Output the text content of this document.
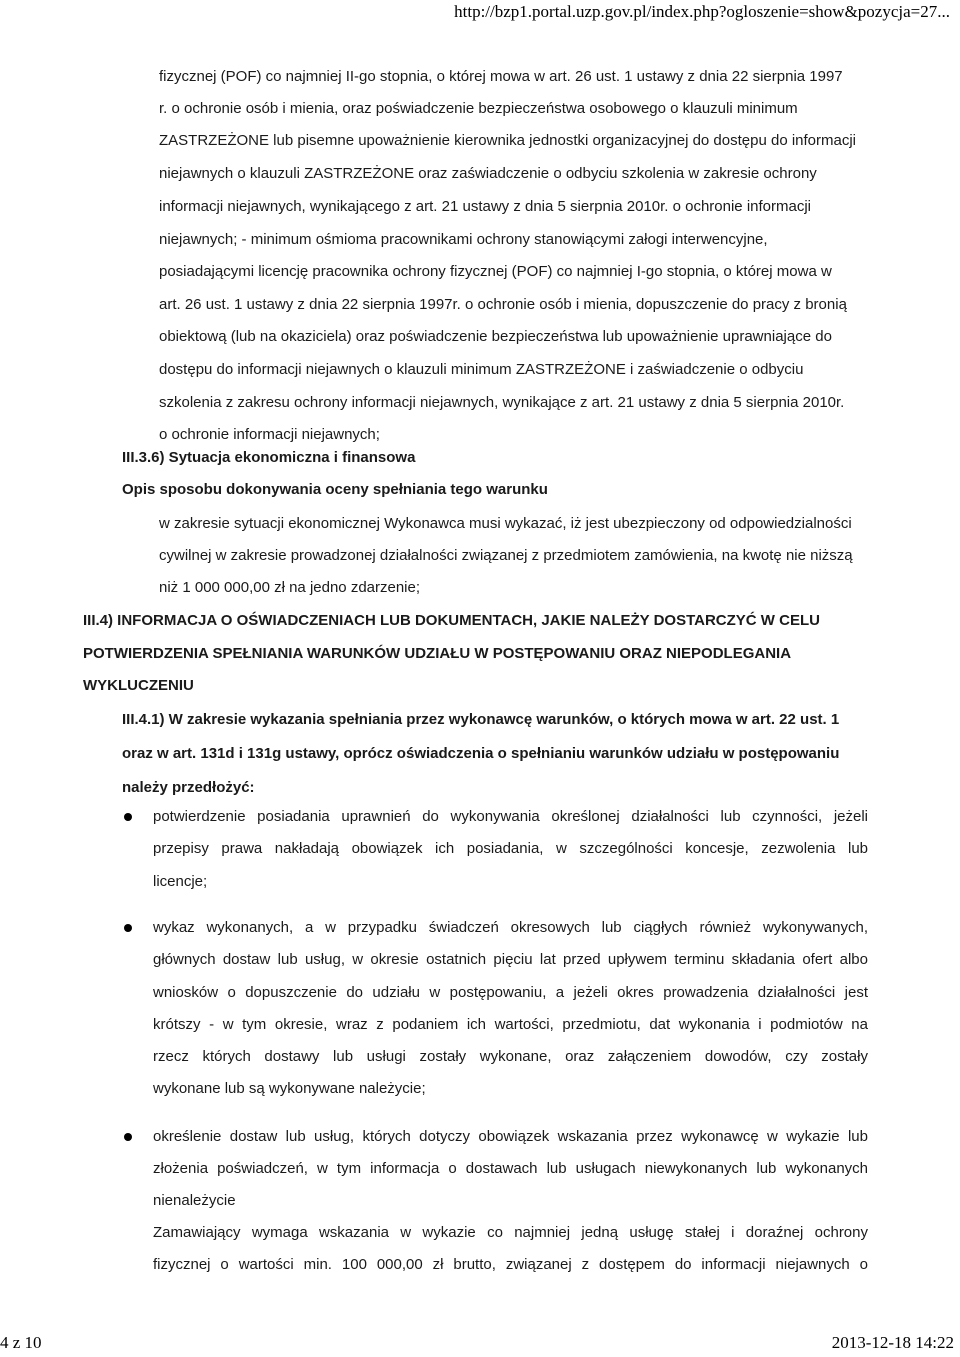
http://bzp1.portal.uzp.gov.pl/index.php?ogloszenie=show&pozycja=27...
fizycznej (POF) co najmniej II-go stopnia, o której mowa w art. 26 ust. 1 ustawy z dnia 22 sierpnia 1997
r. o ochronie osób i mienia, oraz poświadczenie bezpieczeństwa osobowego o klauzuli minimum
ZASTRZEŻONE lub pisemne upoważnienie kierownika jednostki organizacyjnej do dostępu do informacji
niejawnych o klauzuli ZASTRZEŻONE oraz zaświadczenie o odbyciu szkolenia w zakresie ochrony
informacji niejawnych, wynikającego z art. 21 ustawy z dnia 5 sierpnia 2010r. o ochronie informacji
niejawnych; - minimum ośmioma pracownikami ochrony stanowiącymi załogi interwencyjne,
posiadającymi licencję pracownika ochrony fizycznej (POF) co najmniej I-go stopnia, o której mowa w
art. 26 ust. 1 ustawy z dnia 22 sierpnia 1997r. o ochronie osób i mienia, dopuszczenie do pracy z bronią
obiektową (lub na okaziciela) oraz poświadczenie bezpieczeństwa lub upoważnienie uprawniające do
dostępu do informacji niejawnych o klauzuli minimum ZASTRZEŻONE i zaświadczenie o odbyciu
szkolenia z zakresu ochrony informacji niejawnych, wynikające z art. 21 ustawy z dnia 5 sierpnia 2010r.
o ochronie informacji niejawnych;
III.3.6) Sytuacja ekonomiczna i finansowa
Opis sposobu dokonywania oceny spełniania tego warunku
w zakresie sytuacji ekonomicznej Wykonawca musi wykazać, iż jest ubezpieczony od odpowiedzialności
cywilnej w zakresie prowadzonej działalności związanej z przedmiotem zamówienia, na kwotę nie niższą
niż 1 000 000,00 zł na jedno zdarzenie;
III.4) INFORMACJA O OŚWIADCZENIACH LUB DOKUMENTACH, JAKIE NALEŻY DOSTARCZYĆ W CELU
POTWIERDZENIA SPEŁNIANIA WARUNKÓW UDZIAŁU W POSTĘPOWANIU ORAZ NIEPODLEGANIA
WYKLUCZENIU
III.4.1) W zakresie wykazania spełniania przez wykonawcę warunków, o których mowa w art. 22 ust. 1
oraz w art. 131d i 131g ustawy, oprócz oświadczenia o spełnianiu warunków udziału w postępowaniu
należy przedłożyć:
potwierdzenie posiadania uprawnień do wykonywania określonej działalności lub czynności, jeżeli
przepisy prawa nakładają obowiązek ich posiadania, w szczególności koncesje, zezwolenia lub
licencje;
wykaz wykonanych, a w przypadku świadczeń okresowych lub ciągłych również wykonywanych,
głównych dostaw lub usług, w okresie ostatnich pięciu lat przed upływem terminu składania ofert albo
wniosków o dopuszczenie do udziału w postępowaniu, a jeżeli okres prowadzenia działalności jest
krótszy - w tym okresie, wraz z podaniem ich wartości, przedmiotu, dat wykonania i podmiotów na
rzecz których dostawy lub usługi zostały wykonane, oraz załączeniem dowodów, czy zostały
wykonane lub są wykonywane należycie;
określenie dostaw lub usług, których dotyczy obowiązek wskazania przez wykonawcę w wykazie lub
złożenia poświadczeń, w tym informacja o dostawach lub usługach niewykonanych lub wykonanych
nienależycie
Zamawiający wymaga wskazania w wykazie co najmniej jedną usługę stałej i doraźnej ochrony
fizycznej o wartości min. 100 000,00 zł brutto, związanej z dostępem do informacji niejawnych o
4 z 10	2013-12-18 14:22
